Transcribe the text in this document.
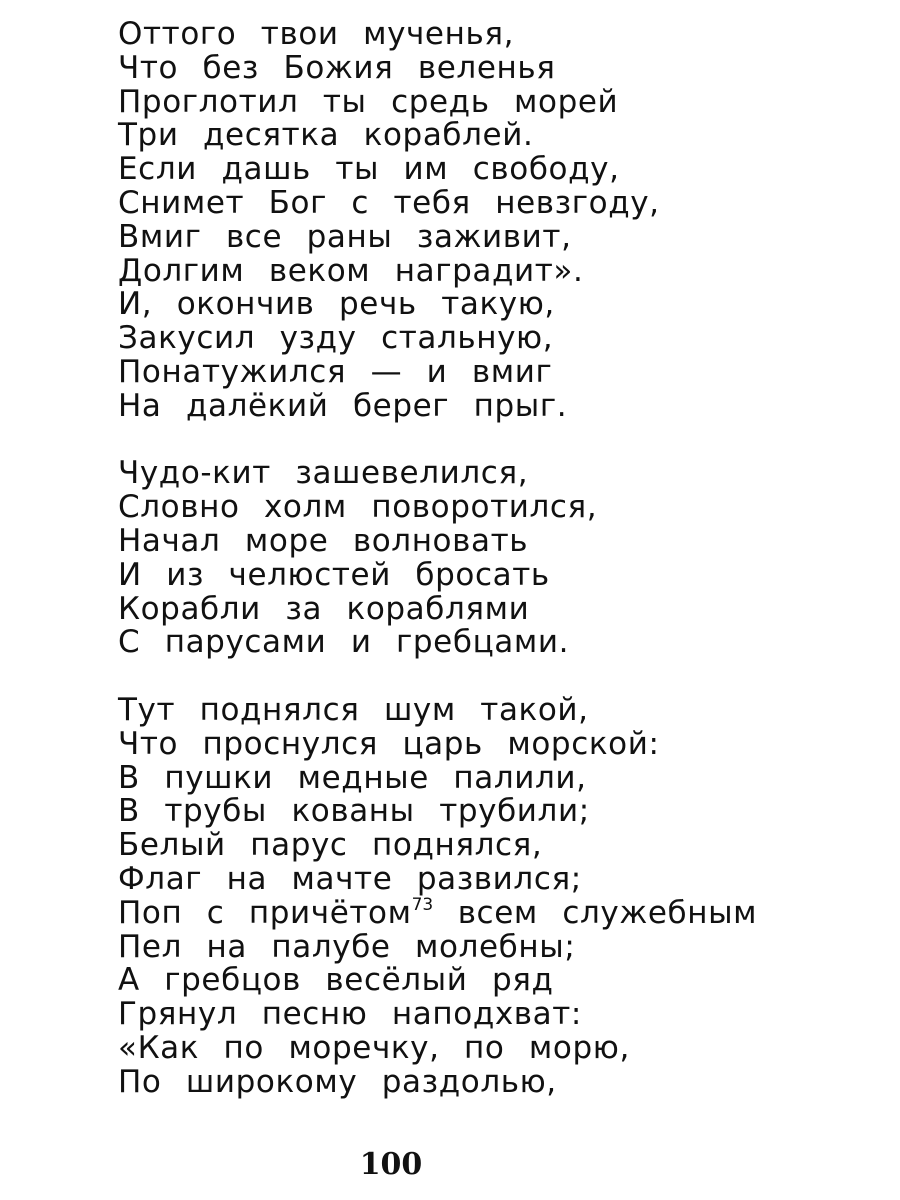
Оттого твои мученья,
Что без Божия веленья
Проглотил ты средь морей
Три десятка кораблей.
Если дашь ты им свободу,
Снимет Бог с тебя невзгоду,
Вмиг все раны заживит,
Долгим веком наградит».
И, окончив речь такую,
Закусил узду стальную,
Понатужился — и вмиг
На далёкий берег прыг.

Чудо-кит зашевелился,
Словно холм поворотился,
Начал море волновать
И из челюстей бросать
Корабли за кораблями
С парусами и гребцами.

Тут поднялся шум такой,
Что проснулся царь морской:
В пушки медные палили,
В трубы кованы трубили;
Белый парус поднялся,
Флаг на мачте развился;
Поп с причётом$^{73}$ всем служебным
Пел на палубе молебны;
А гребцов весёлый ряд
Грянул песню наподхват:
«Как по моречку, по морю,
По широкому раздолью,

100
